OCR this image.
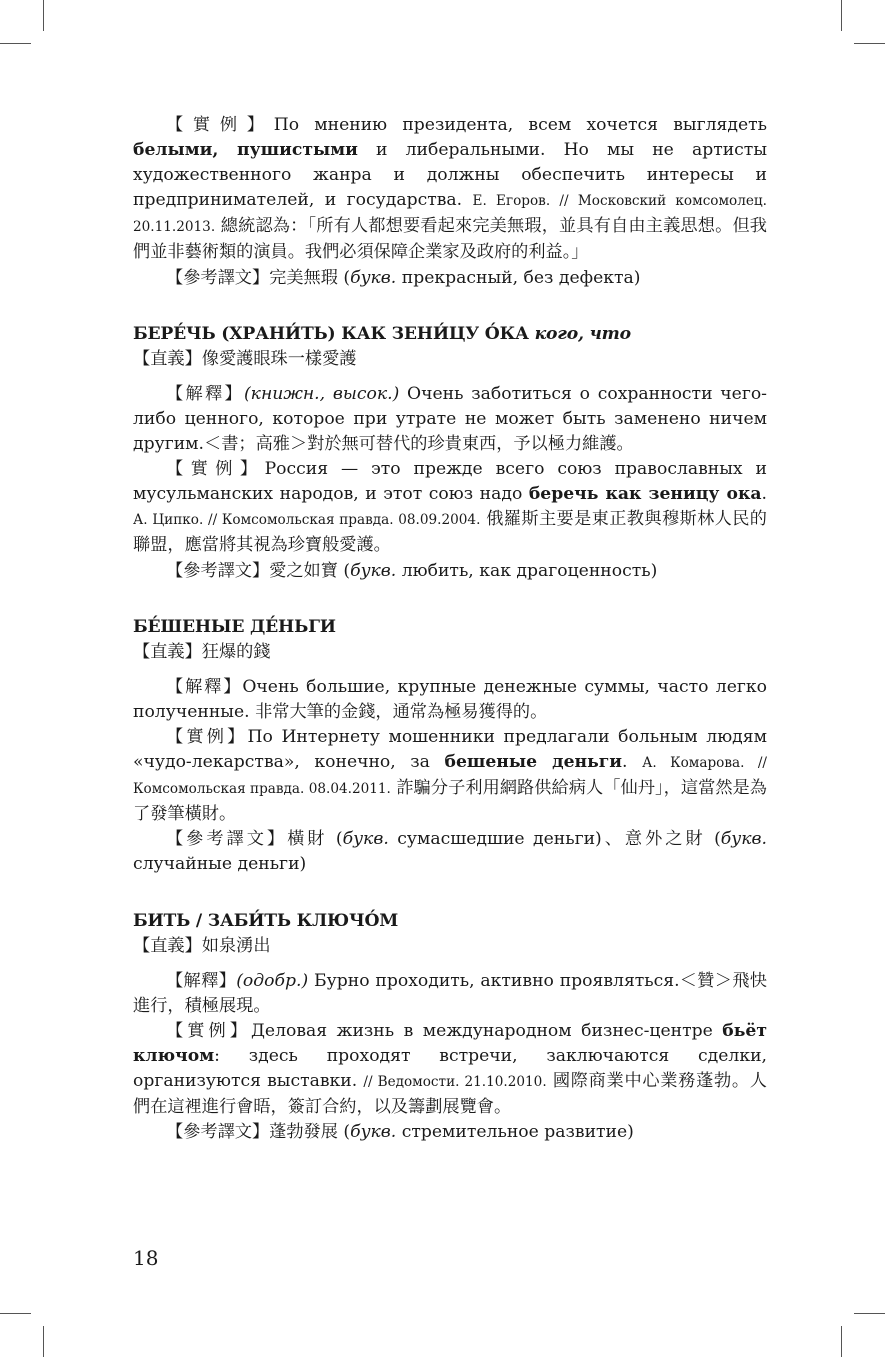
【實例】По мнению президента, всем хочется выглядеть белыми, пушистыми и либеральными. Но мы не артисты художественного жанра и должны обеспечить интересы и предпринимателей, и государства. Е. Егоров. // Московский комсомолец. 20.11.2013. 總統認為：「所有人都想要看起來完美無瑕，並具有自由主義思想。但我們並非藝術類的演員。我們必須保障企業家及政府的利益。」

【參考譯文】完美無瑕 (букв. прекрасный, без дефекта)

БЕРЕ́ЧЬ (ХРАНИ́ТЬ) КАК ЗЕНИ́ЦУ О́КА кого, что

【直義】像愛護眼珠一樣愛護

【解釋】(книжн., высок.) Очень заботиться о сохранности чего-либо ценного, которое при утрате не может быть заменено ничем другим.＜書；高雅＞對於無可替代的珍貴東西，予以極力維護。

【實例】Россия — это прежде всего союз православных и мусульманских народов, и этот союз надо беречь как зеницу ока. А. Ципко. // Комсомольская правда. 08.09.2004. 俄羅斯主要是東正教與穆斯林人民的聯盟，應當將其視為珍寶般愛護。

【參考譯文】愛之如寶 (букв. любить, как драгоценность)

БЕ́ШЕНЫЕ ДЕ́НЬГИ

【直義】狂爆的錢

【解釋】Очень большие, крупные денежные суммы, часто легко полученные. 非常大筆的金錢，通常為極易獲得的。

【實例】По Интернету мошенники предлагали больным людям «чудо-лекарства», конечно, за бешеные деньги. А. Комарова. // Комсомольская правда. 08.04.2011. 詐騙分子利用網路供給病人「仙丹」，這當然是為了發筆橫財。

【參考譯文】橫財 (букв. сумасшедшие деньги)、意外之財 (букв. случайные деньги)

БИТЬ / ЗАБИ́ТЬ КЛЮЧО́М

【直義】如泉湧出

【解釋】(одобр.) Бурно проходить, активно проявляться.＜贊＞飛快進行，積極展現。

【實例】Деловая жизнь в международном бизнес-центре бьёт ключом: здесь проходят встречи, заключаются сделки, организуются выставки. // Ведомости. 21.10.2010. 國際商業中心業務蓬勃。人們在這裡進行會晤，簽訂合約，以及籌劃展覽會。

【參考譯文】蓬勃發展 (букв. стремительное развитие)

18
